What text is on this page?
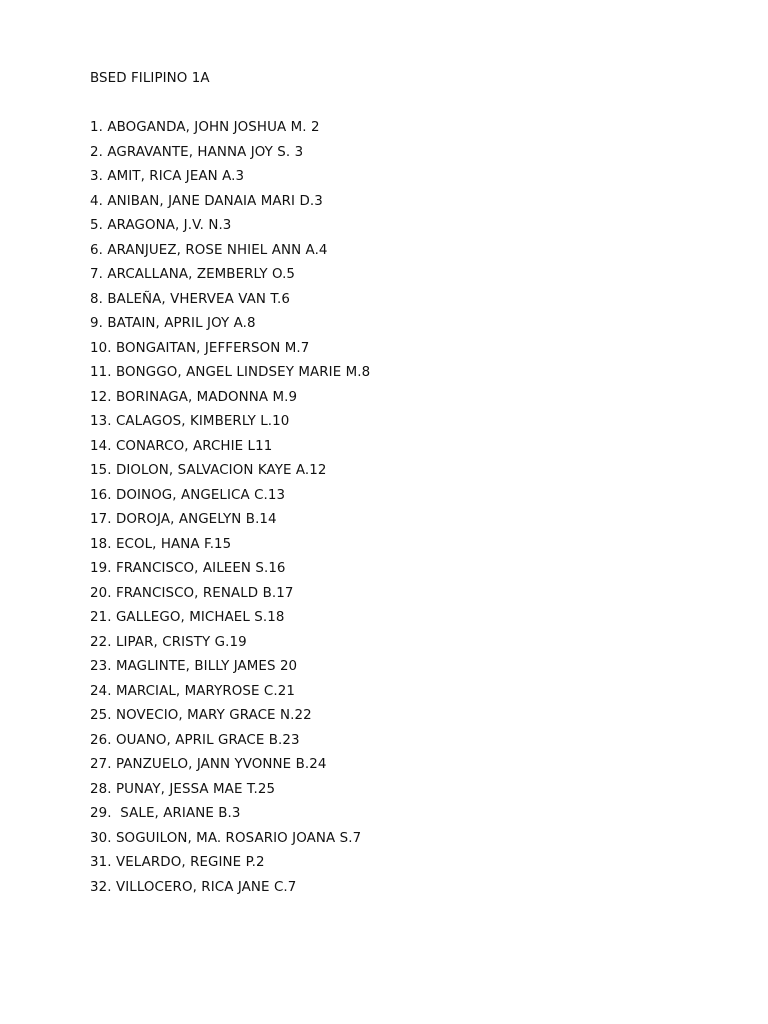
BSED FILIPINO 1A
1. ABOGANDA, JOHN JOSHUA M. 2
2. AGRAVANTE, HANNA JOY S. 3
3. AMIT, RICA JEAN A.3
4. ANIBAN, JANE DANAIA MARI D.3
5. ARAGONA, J.V. N.3
6. ARANJUEZ, ROSE NHIEL ANN A.4
7. ARCALLANA, ZEMBERLY O.5
8. BALEÑA, VHERVEA VAN T.6
9. BATAIN, APRIL JOY A.8
10. BONGAITAN, JEFFERSON M.7
11. BONGGO, ANGEL LINDSEY MARIE M.8
12. BORINAGA, MADONNA M.9
13. CALAGOS, KIMBERLY L.10
14. CONARCO, ARCHIE L11
15. DIOLON, SALVACION KAYE A.12
16. DOINOG, ANGELICA C.13
17. DOROJA, ANGELYN B.14
18. ECOL, HANA F.15
19. FRANCISCO, AILEEN S.16
20. FRANCISCO, RENALD B.17
21. GALLEGO, MICHAEL S.18
22. LIPAR, CRISTY G.19
23. MAGLINTE, BILLY JAMES 20
24. MARCIAL, MARYROSE C.21
25. NOVECIO, MARY GRACE N.22
26. OUANO, APRIL GRACE B.23
27. PANZUELO, JANN YVONNE B.24
28. PUNAY, JESSA MAE T.25
29.  SALE, ARIANE B.3
30. SOGUILON, MA. ROSARIO JOANA S.7
31. VELARDO, REGINE P.2
32. VILLOCERO, RICA JANE C.7
